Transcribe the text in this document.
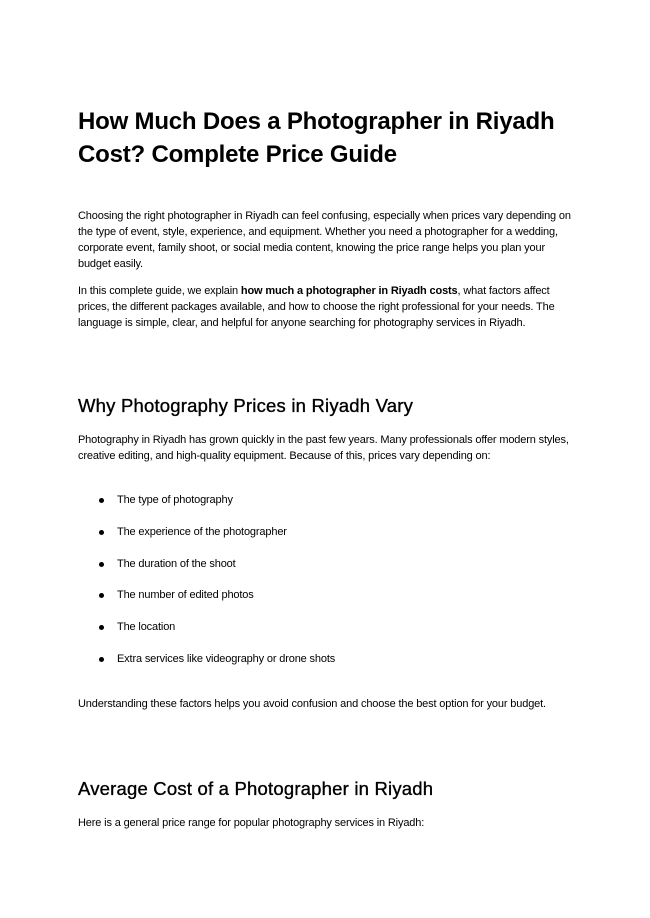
How Much Does a Photographer in Riyadh Cost? Complete Price Guide

Choosing the right photographer in Riyadh can feel confusing, especially when prices vary depending on the type of event, style, experience, and equipment. Whether you need a photographer for a wedding, corporate event, family shoot, or social media content, knowing the price range helps you plan your budget easily.

In this complete guide, we explain how much a photographer in Riyadh costs, what factors affect prices, the different packages available, and how to choose the right professional for your needs. The language is simple, clear, and helpful for anyone searching for photography services in Riyadh.

Why Photography Prices in Riyadh Vary

Photography in Riyadh has grown quickly in the past few years. Many professionals offer modern styles, creative editing, and high-quality equipment. Because of this, prices vary depending on:

The type of photography
The experience of the photographer
The duration of the shoot
The number of edited photos
The location
Extra services like videography or drone shots

Understanding these factors helps you avoid confusion and choose the best option for your budget.

Average Cost of a Photographer in Riyadh

Here is a general price range for popular photography services in Riyadh:
